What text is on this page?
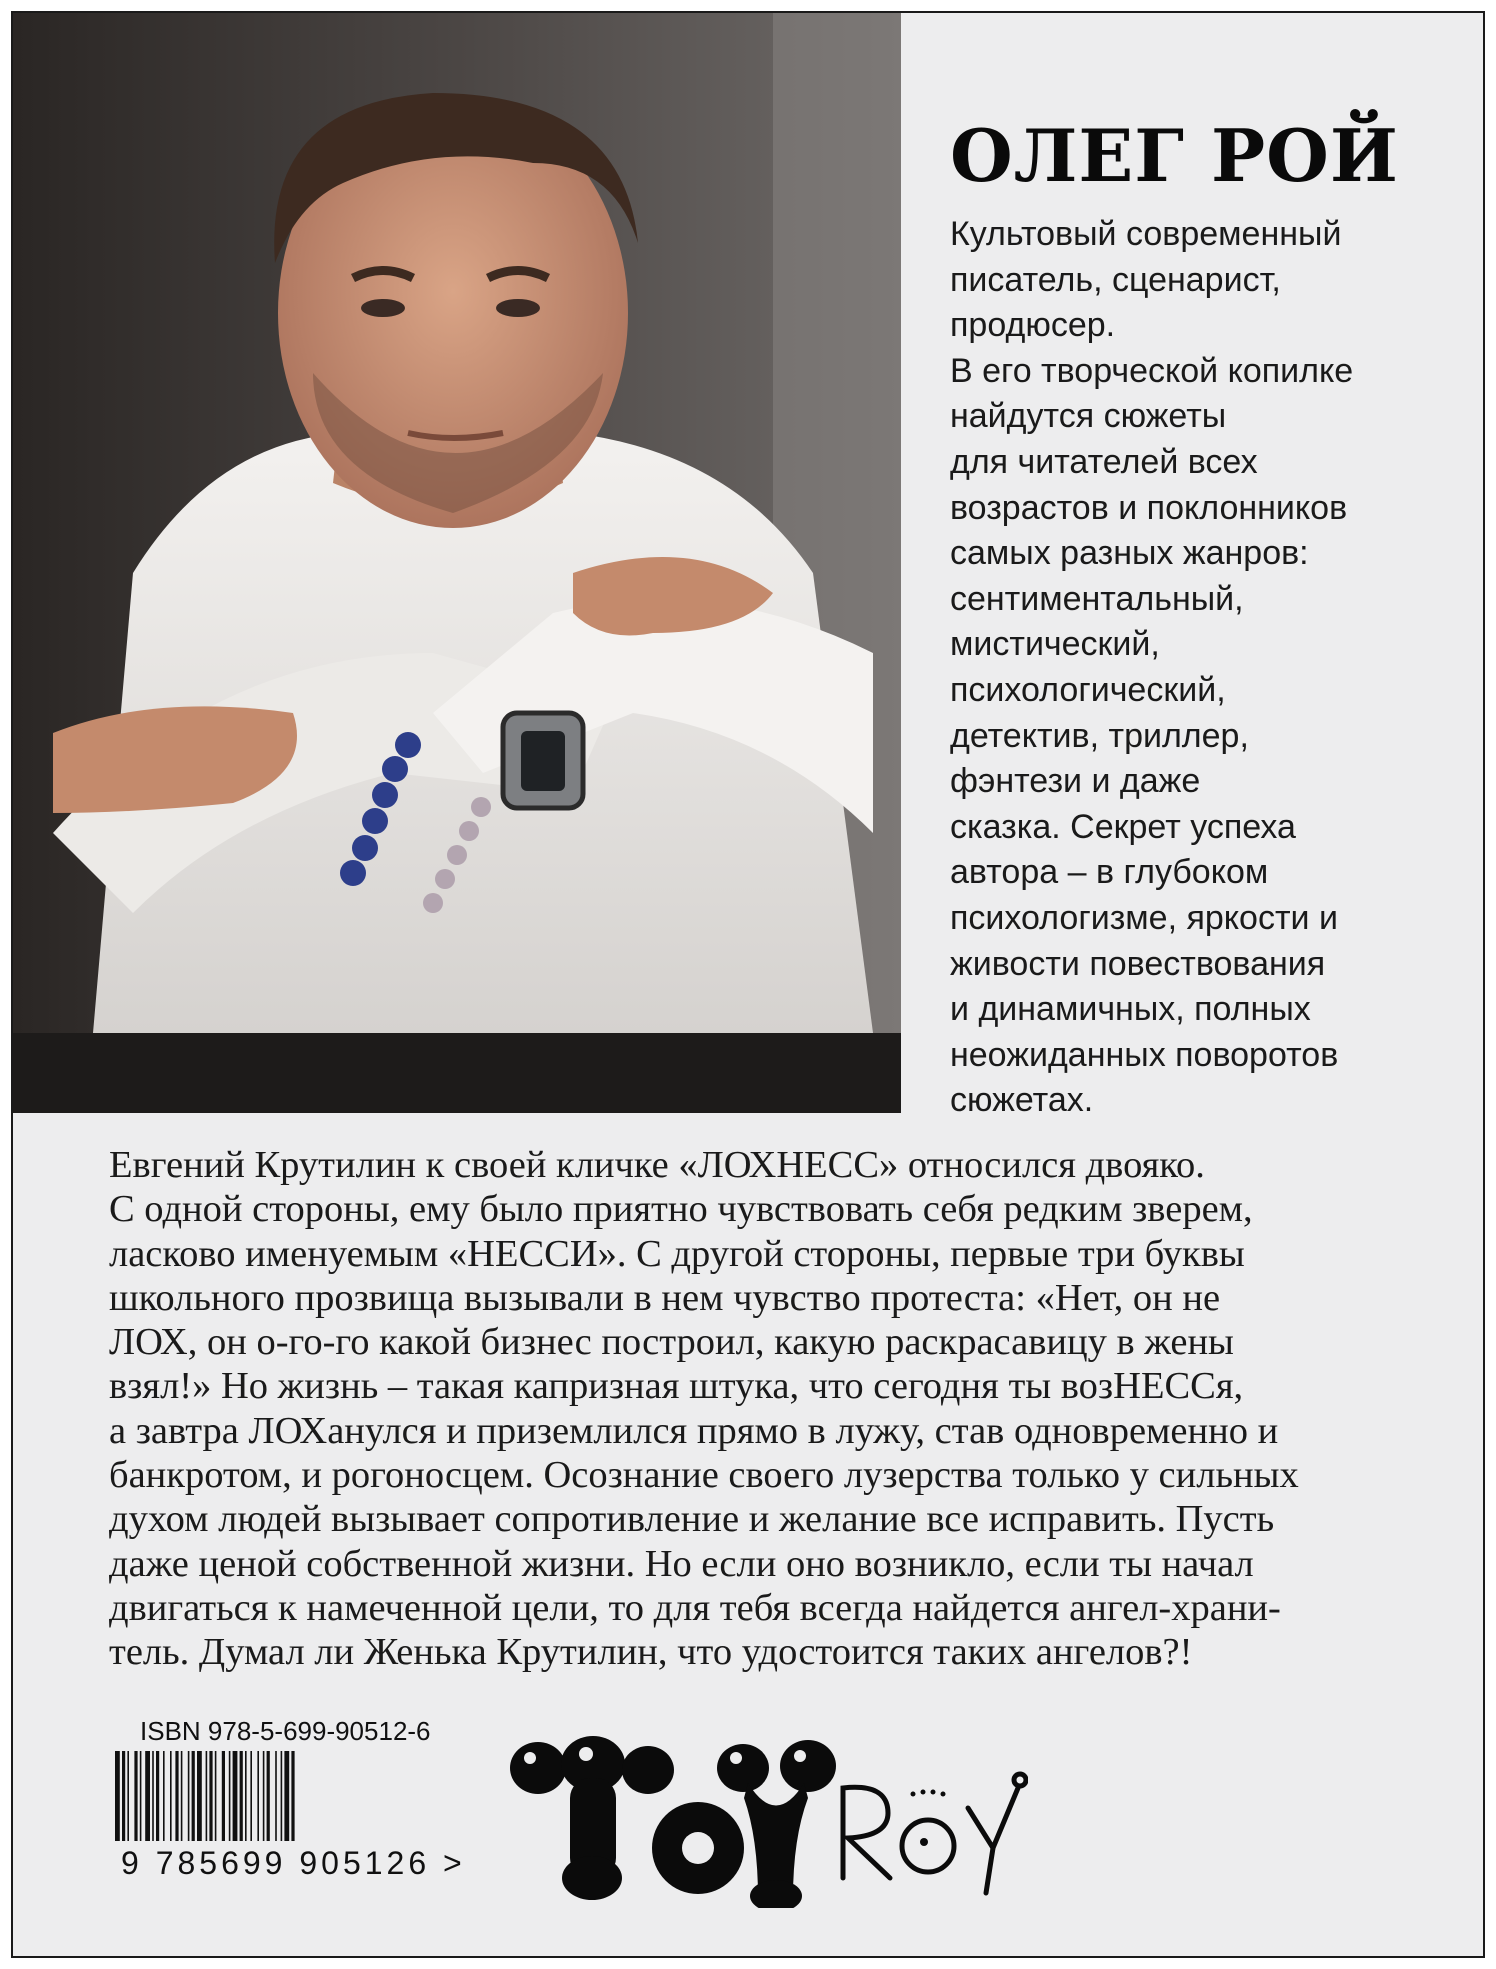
ОЛЕГ РОЙ

Культовый современный
писатель, сценарист,
продюсер.
В его творческой копилке
найдутся сюжеты
для читателей всех
возрастов и поклонников
самых разных жанров:
сентиментальный,
мистический,
психологический,
детектив, триллер,
фэнтези и даже
сказка. Секрет успеха
автора – в глубоком
психологизме, яркости и
живости повествования
и динамичных, полных
неожиданных поворотов
сюжетах.

Евгений Крутилин к своей кличке «ЛОХНЕСС» относился двояко.
С одной стороны, ему было приятно чувствовать себя редким зверем,
ласково именуемым «НЕССИ». С другой стороны, первые три буквы
школьного прозвища вызывали в нем чувство протеста: «Нет, он не
ЛОХ, он о-го-го какой бизнес построил, какую раскрасавицу в жены
взял!» Но жизнь – такая капризная штука, что сегодня ты возНЕССя,
а завтра ЛОХанулся и приземлился прямо в лужу, став одновременно и
банкротом, и рогоносцем. Осознание своего лузерства только у сильных
духом людей вызывает сопротивление и желание все исправить. Пусть
даже ценой собственной жизни. Но если оно возникло, если ты начал
двигаться к намеченной цели, то для тебя всегда найдется ангел-храни-
тель. Думал ли Женька Крутилин, что удостоится таких ангелов?!

ISBN 978-5-699-90512-6
9 785699 905126 >
